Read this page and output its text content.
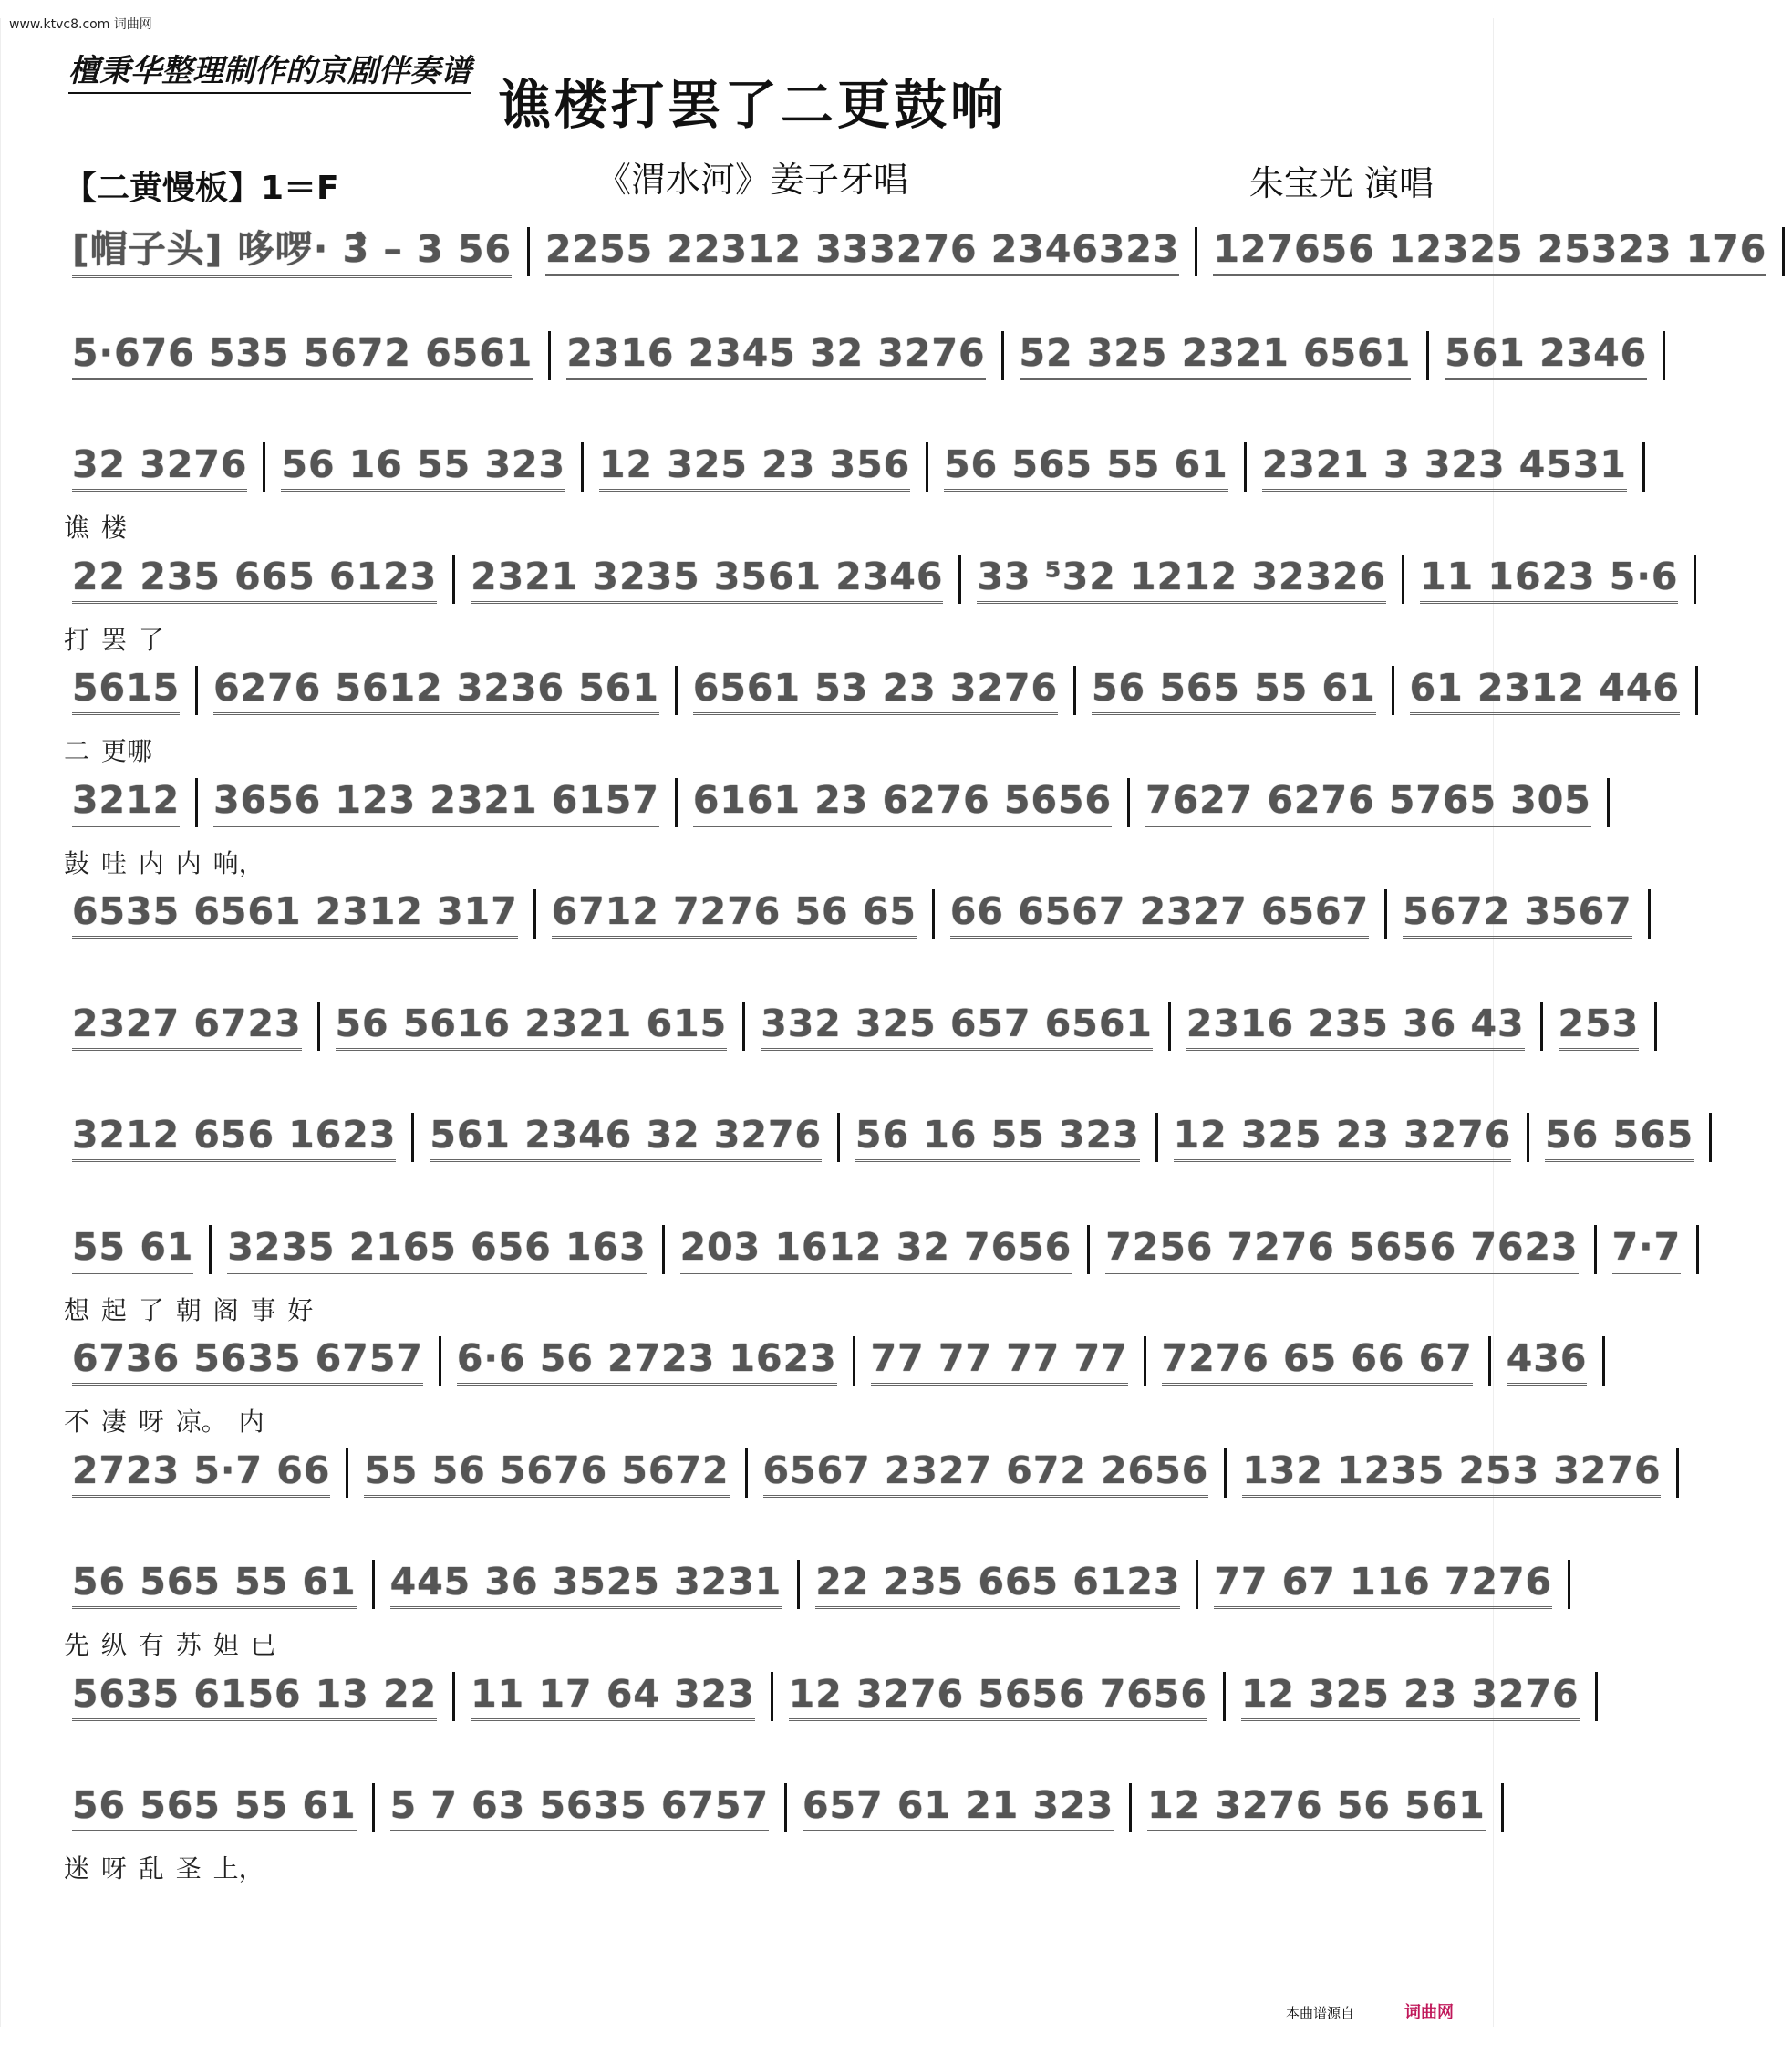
www.ktvc8.com 词曲网
檀秉华整理制作的京剧伴奏谱
谯楼打罢了二更鼓响
【二黄慢板】1＝F	《渭水河》姜子牙唱	朱宝光 演唱
[帽子头] 哆啰· 3̂ – 3 56 2255 22312 333276 2346323 127656 12325 25323 176
5·676 535 5672 6561 2316 2345 32 3276 52 325 2321 6561 561 2346
32 3276 56 16 55 323 12 325 23 356 56 565 55 61 2321 3 323 4531
谯 楼
22 235 665 6123 2321 3235 3561 2346 33 ⁵32 1212 32326 11 1623 5·6
打 罢 了
5615 6276 5612 3236 561 6561 53 23 3276 56 565 55 61 61 2312 446
二 更哪
3212 3656 123 2321 6157 6161 23 6276 5656 7627 6276 5765 305
鼓 哇 内 内 响，
6535 6561 2312 317 6712 7276 56 65 66 6567 2327 6567 5672 3567
2327 6723 56 5616 2321 615 332 325 657 6561 2316 235 36 43 253
3212 656 1623 561 2346 32 3276 56 16 55 323 12 325 23 3276 56 565
55 61 3235 2165 656 163 203 1612 32 7656 7256 7276 5656 7623 7·7
想 起 了 朝 阁 事 好
6736 5635 6757 6·6 56 2723 1623 77 77 77 77 7276 65 66 67 436
不 凄 呀 凉。 内
2723 5·7 66 55 56 5676 5672 6567 2327 672 2656 132 1235 253 3276
56 565 55 61 445 36 3525 3231 22 235 665 6123 77 67 116 7276
先 纵 有 苏 妲 已
5635 6156 13 22 11 17 64 323 12 3276 5656 7656 12 325 23 3276
56 565 55 61 5 7 63 5635 6757 657 61 21 323 12 3276 56 561
迷 呀 乱 圣 上，
本曲谱源自	词曲网
